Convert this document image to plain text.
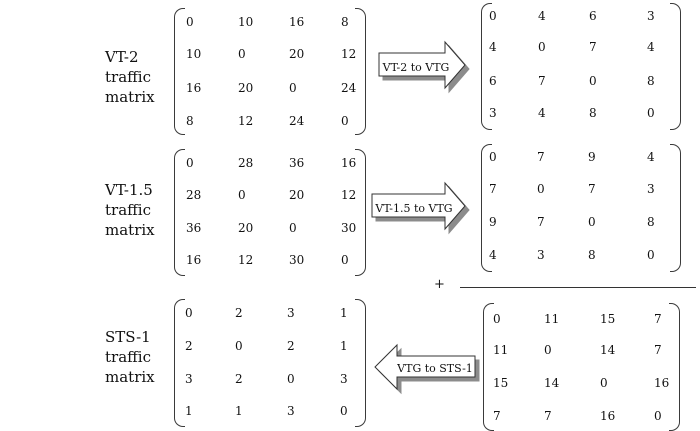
VT-2
traffic
matrix
0	10	16	8
10	0	20	12
16	20	0	24
8	12	24	0
VT-2 to VTG
0	4	6	3
4	0	7	4
6	7	0	8
3	4	8	0
VT-1.5
traffic
matrix
0	28	36	16
28	0	20	12
36	20	0	30
16	12	30	0
VT-1.5 to VTG
0	7	9	4
7	0	7	3
9	7	0	8
4	3	8	0
+
0	11	15	7
11	0	14	7
15	14	0	16
7	7	16	0
STS-1
traffic
matrix	VTG to STS-1
0	2	3	1
2	0	2	1
3	2	0	3
1	1	3	0
